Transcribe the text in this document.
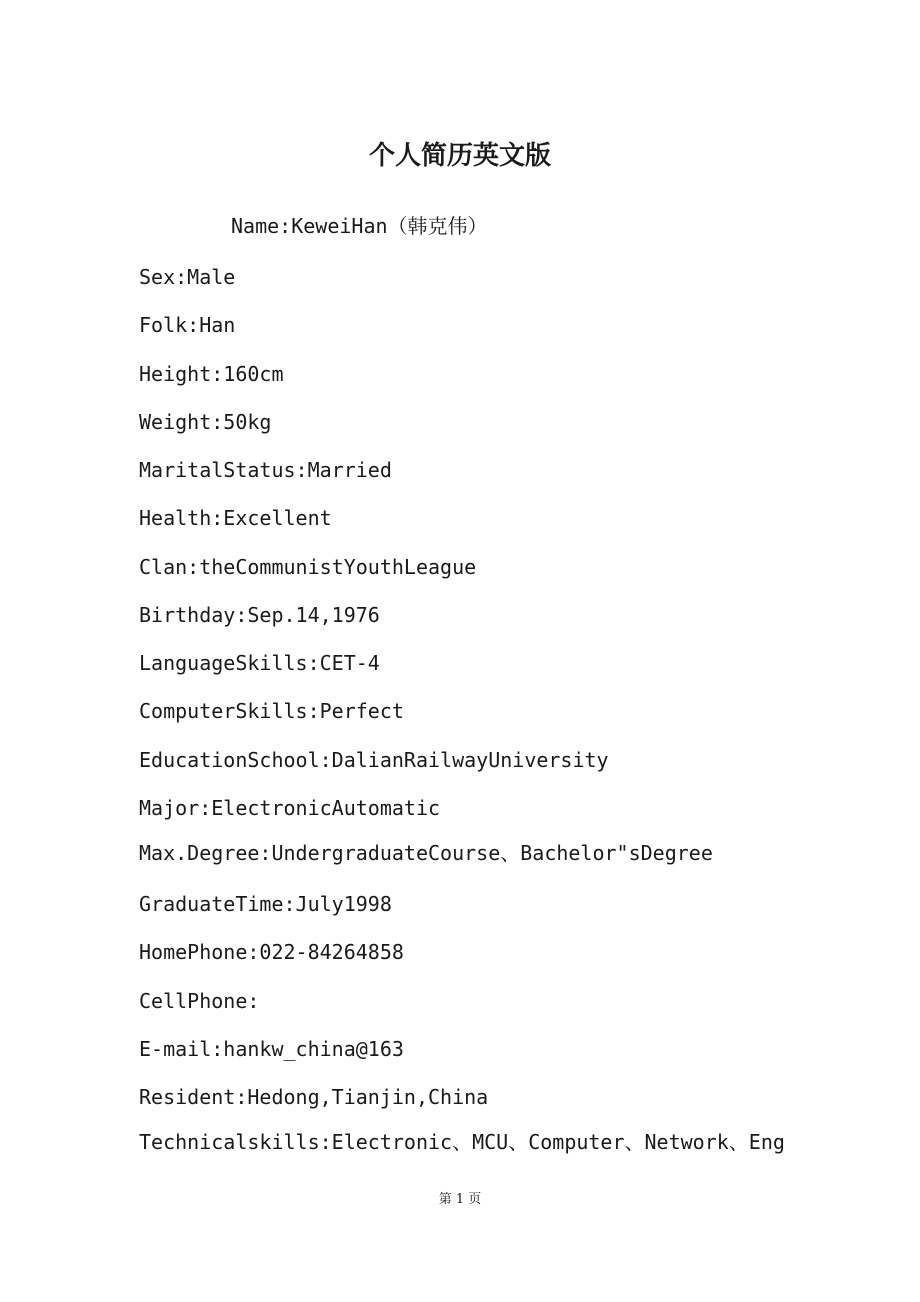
个人简历英文版

Name:KeweiHan（韩克伟）

Sex:Male

Folk:Han

Height:160cm

Weight:50kg

MaritalStatus:Married

Health:Excellent

Clan:theCommunistYouthLeague

Birthday:Sep.14,1976

LanguageSkills:CET-4

ComputerSkills:Perfect

EducationSchool:DalianRailwayUniversity

Major:ElectronicAutomatic

Max.Degree:UndergraduateCourse、Bachelor"sDegree

GraduateTime:July1998

HomePhone:022-84264858

CellPhone:

E-mail:hankw_china@163

Resident:Hedong,Tianjin,China

Technicalskills:Electronic、MCU、Computer、Network、Eng

第 1 页
